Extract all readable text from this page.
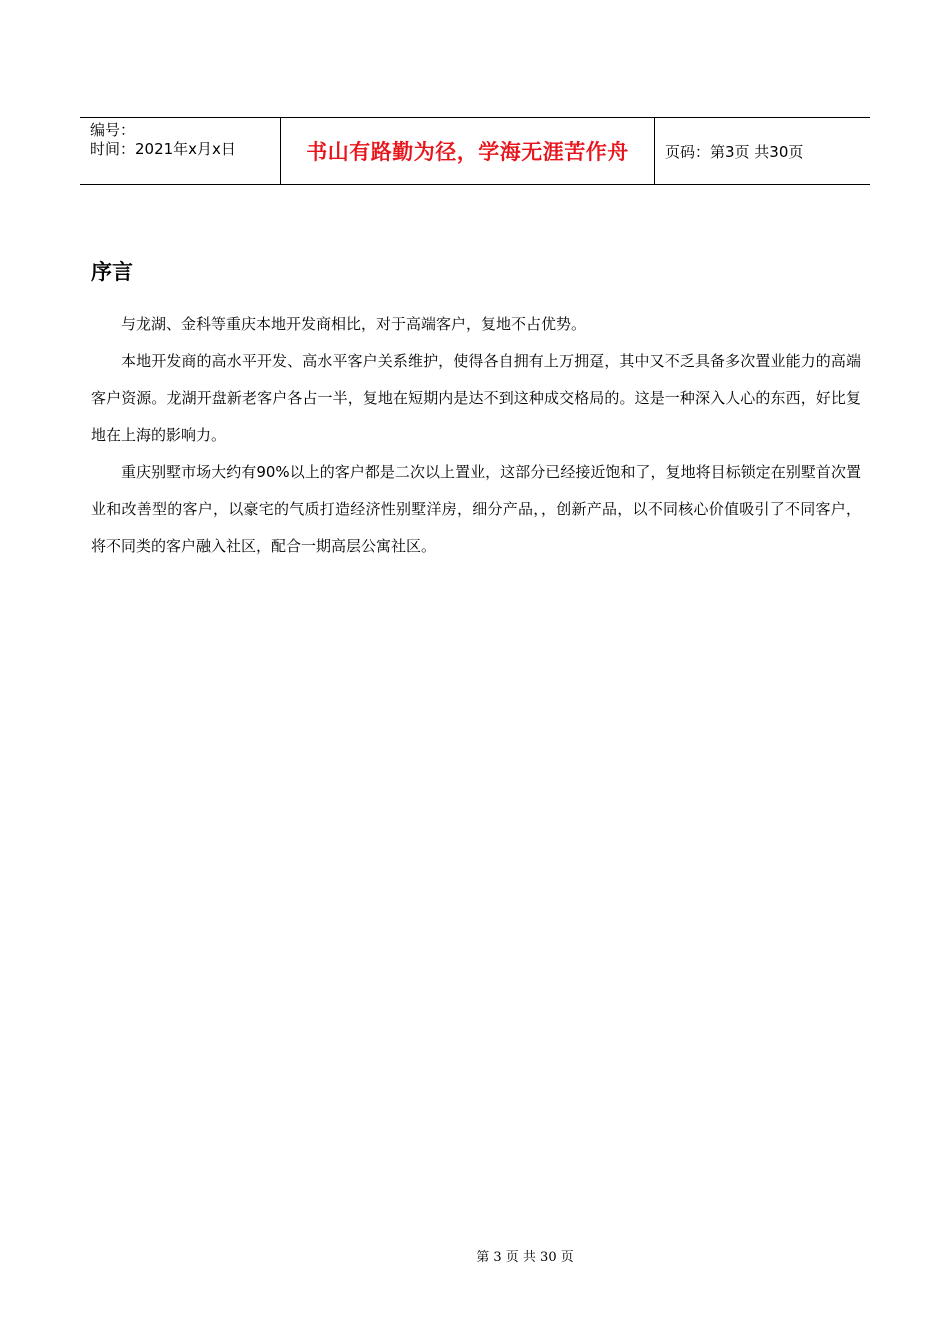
编号：
时间：2021年x月x日	书山有路勤为径，学海无涯苦作舟	页码：第3页 共30页
序言

与龙湖、金科等重庆本地开发商相比，对于高端客户，复地不占优势。

本地开发商的高水平开发、高水平客户关系维护，使得各自拥有上万拥趸，其中又不乏具备多次置业能力的高端客户资源。龙湖开盘新老客户各占一半，复地在短期内是达不到这种成交格局的。这是一种深入人心的东西，好比复地在上海的影响力。

重庆别墅市场大约有90%以上的客户都是二次以上置业，这部分已经接近饱和了，复地将目标锁定在别墅首次置业和改善型的客户，以豪宅的气质打造经济性别墅洋房，细分产品，，创新产品，以不同核心价值吸引了不同客户，将不同类的客户融入社区，配合一期高层公寓社区。

第 3 页 共 30 页
